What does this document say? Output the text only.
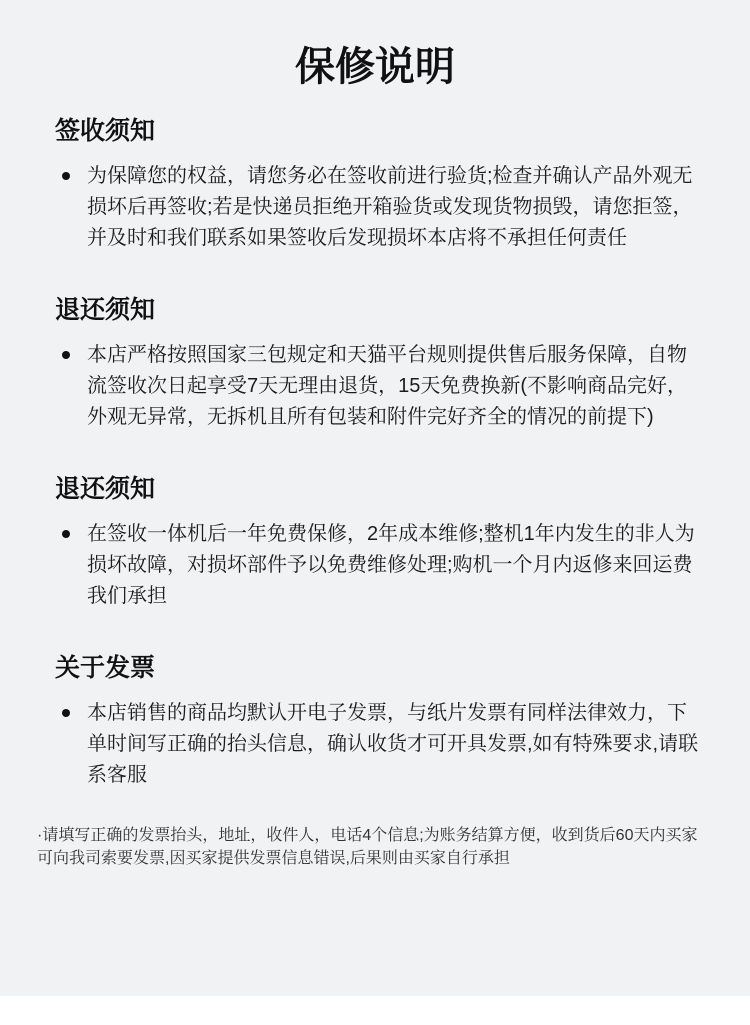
保修说明
签收须知

为保障您的权益，请您务必在签收前进行验货;检查并确认产品外观无损坏后再签收;若是快递员拒绝开箱验货或发现货物损毁，请您拒签，并及时和我们联系如果签收后发现损坏本店将不承担任何责任

退还须知

本店严格按照国家三包规定和天猫平台规则提供售后服务保障，自物流签收次日起享受7天无理由退货，15天免费换新(不影响商品完好，外观无异常，无拆机且所有包装和附件完好齐全的情况的前提下)

退还须知

在签收一体机后一年免费保修，2年成本维修;整机1年内发生的非人为损坏故障，对损坏部件予以免费维修处理;购机一个月内返修来回运费我们承担

关于发票

本店销售的商品均默认开电子发票，与纸片发票有同样法律效力，下单时间写正确的抬头信息，确认收货才可开具发票,如有特殊要求,请联系客服

·请填写正确的发票抬头，地址，收件人，电话4个信息;为账务结算方便，收到货后60天内买家可向我司索要发票,因买家提供发票信息错误,后果则由买家自行承担
